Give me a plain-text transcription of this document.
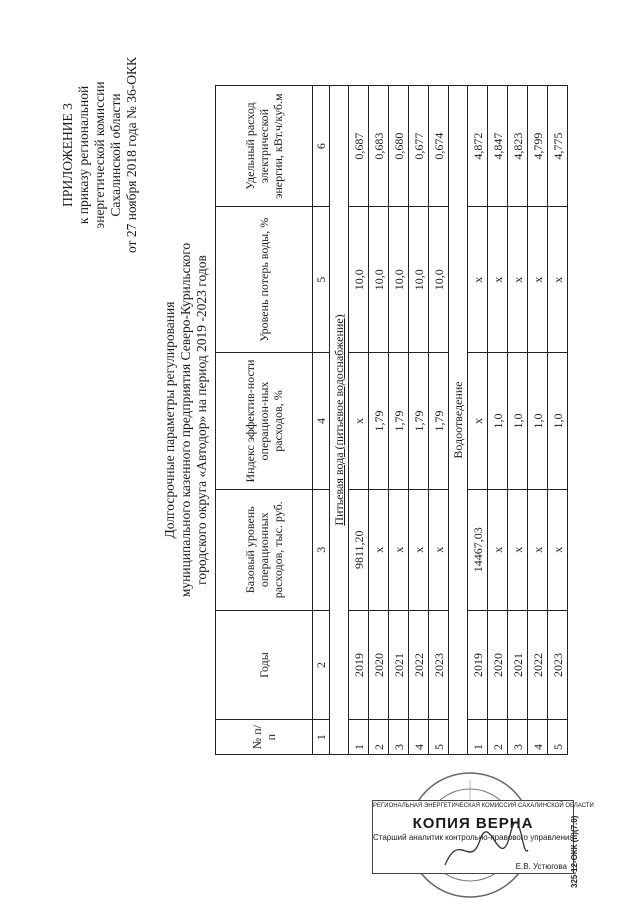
ПРИЛОЖЕНИЕ 3 к приказу региональной энергетической комиссии Сахалинской области от 27 ноября 2018 года № 36-ОКК
Долгосрочные параметры регулирования муниципального казенного предприятия Северо-Курильского городского округа «Автодор» на период 2019 -2023 годов
№ п/п	Годы	Базовый уровень операционных расходов, тыс. руб.	Индекс эффектив-ности операцион-ных расходов, %	Уровень потерь воды, %	Удельный расход электрической энергии, кВт.ч/куб.м
1	2	3	4	5	6
Питьевая вода (питьевое водоснабжение)					
1	2019	9811,20	х	10,0	0,687
2	2020	х	1,79	10,0	0,683
3	2021	х	1,79	10,0	0,680
4	2022	х	1,79	10,0	0,677
5	2023	х	1,79	10,0	0,674
Водоотведение					
1	2019	14467,03	х	х	4,872
2	2020	х	1,0	х	4,847
3	2021	х	1,0	х	4,823
4	2022	х	1,0	х	4,799
5	2023	х	1,0	х	4,775
РЕГИОНАЛЬНАЯ ЭНЕРГЕТИЧЕСКАЯ КОМИССИЯ САХАЛИНСКОЙ ОБЛАСТИ
КОПИЯ ВЕРНА
Старший аналитик контрольно-правового управления
Е.В. Устюгова 325-12-ОКК (п)(7.0)
